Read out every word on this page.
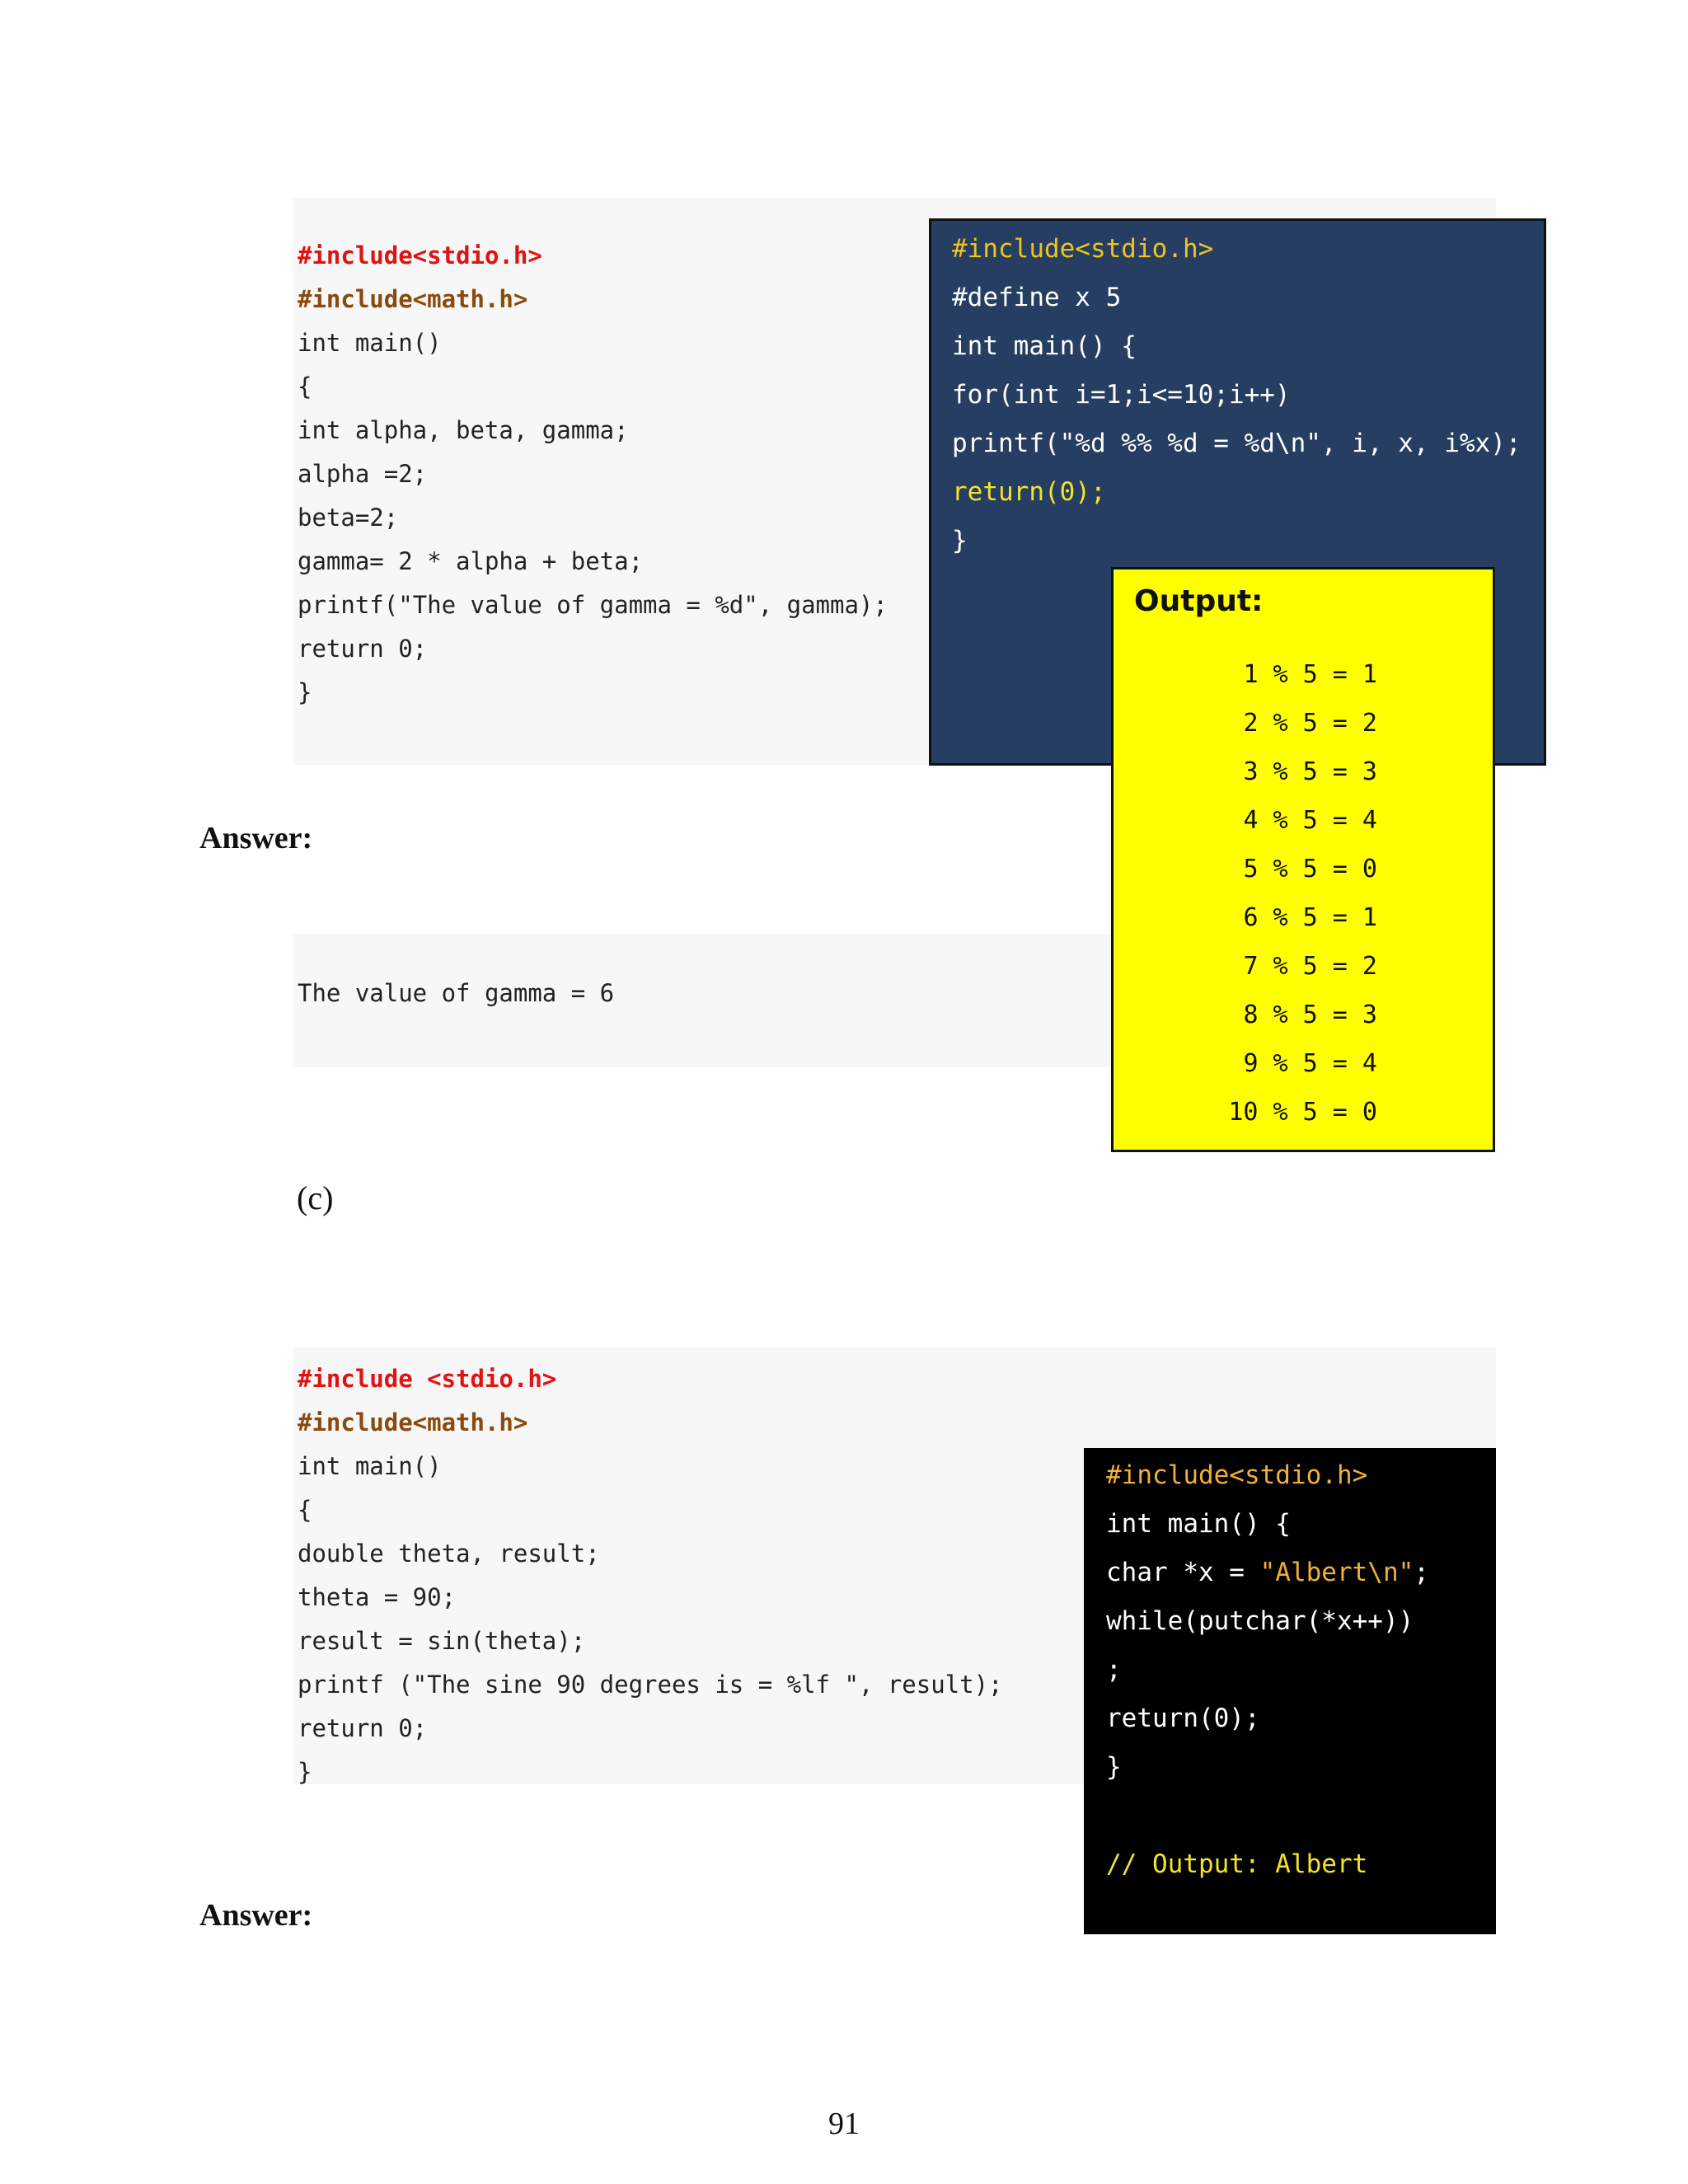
#include<stdio.h>
#include<math.h>
int main()
{
int alpha, beta, gamma;
alpha =2;
beta=2;
gamma= 2 * alpha + beta;
printf("The value of gamma = %d", gamma);
return 0;
}
Answer:
The value of gamma = 6
#include<stdio.h>
#define x 5
int main() {
for(int i=1;i<=10;i++)
printf("%d %% %d = %d\n", i, x, i%x);
return(0);
}
Output:
1 % 5 = 1
2 % 5 = 2
3 % 5 = 3
4 % 5 = 4
5 % 5 = 0
6 % 5 = 1
7 % 5 = 2
8 % 5 = 3
9 % 5 = 4
10 % 5 = 0
(c)
#include <stdio.h>
#include<math.h>
int main()
{
double theta, result;
theta = 90;
result = sin(theta);
printf ("The sine 90 degrees is = %lf ", result);
return 0;
}
#include<stdio.h>
int main() {
char *x = "Albert\n";
while(putchar(*x++))
;
return(0);
}
// Output: Albert
Answer:
91
